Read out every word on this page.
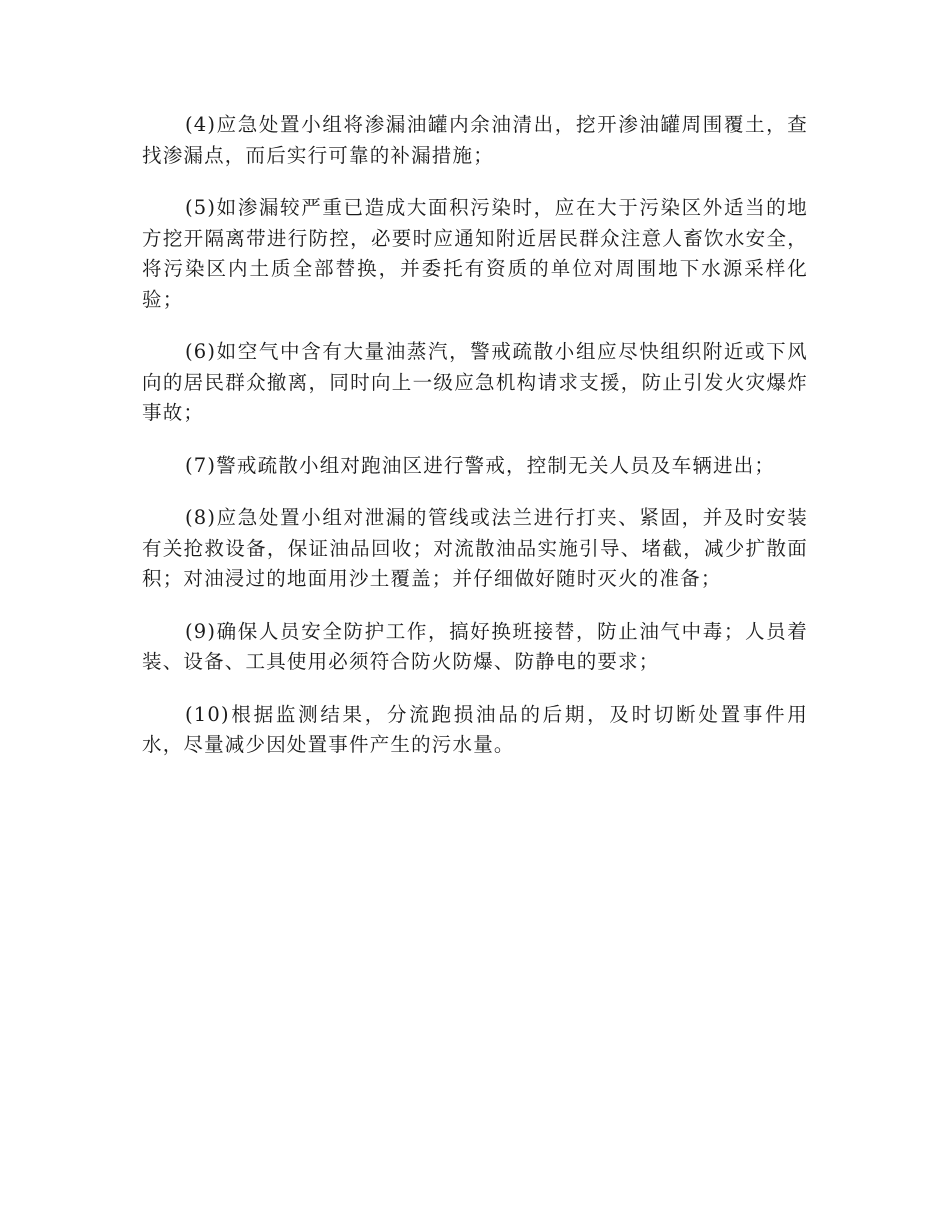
(4)应急处置小组将渗漏油罐内余油清出，挖开渗油罐周围覆土，查找渗漏点，而后实行可靠的补漏措施；

(5)如渗漏较严重已造成大面积污染时，应在大于污染区外适当的地方挖开隔离带进行防控，必要时应通知附近居民群众注意人畜饮水安全，将污染区内土质全部替换，并委托有资质的单位对周围地下水源采样化验；

(6)如空气中含有大量油蒸汽，警戒疏散小组应尽快组织附近或下风向的居民群众撤离，同时向上一级应急机构请求支援，防止引发火灾爆炸事故；

(7)警戒疏散小组对跑油区进行警戒，控制无关人员及车辆进出；

(8)应急处置小组对泄漏的管线或法兰进行打夹、紧固，并及时安装有关抢救设备，保证油品回收；对流散油品实施引导、堵截，减少扩散面积；对油浸过的地面用沙土覆盖；并仔细做好随时灭火的准备；

(9)确保人员安全防护工作，搞好换班接替，防止油气中毒；人员着装、设备、工具使用必须符合防火防爆、防静电的要求；

(10)根据监测结果，分流跑损油品的后期，及时切断处置事件用水，尽量减少因处置事件产生的污水量。
